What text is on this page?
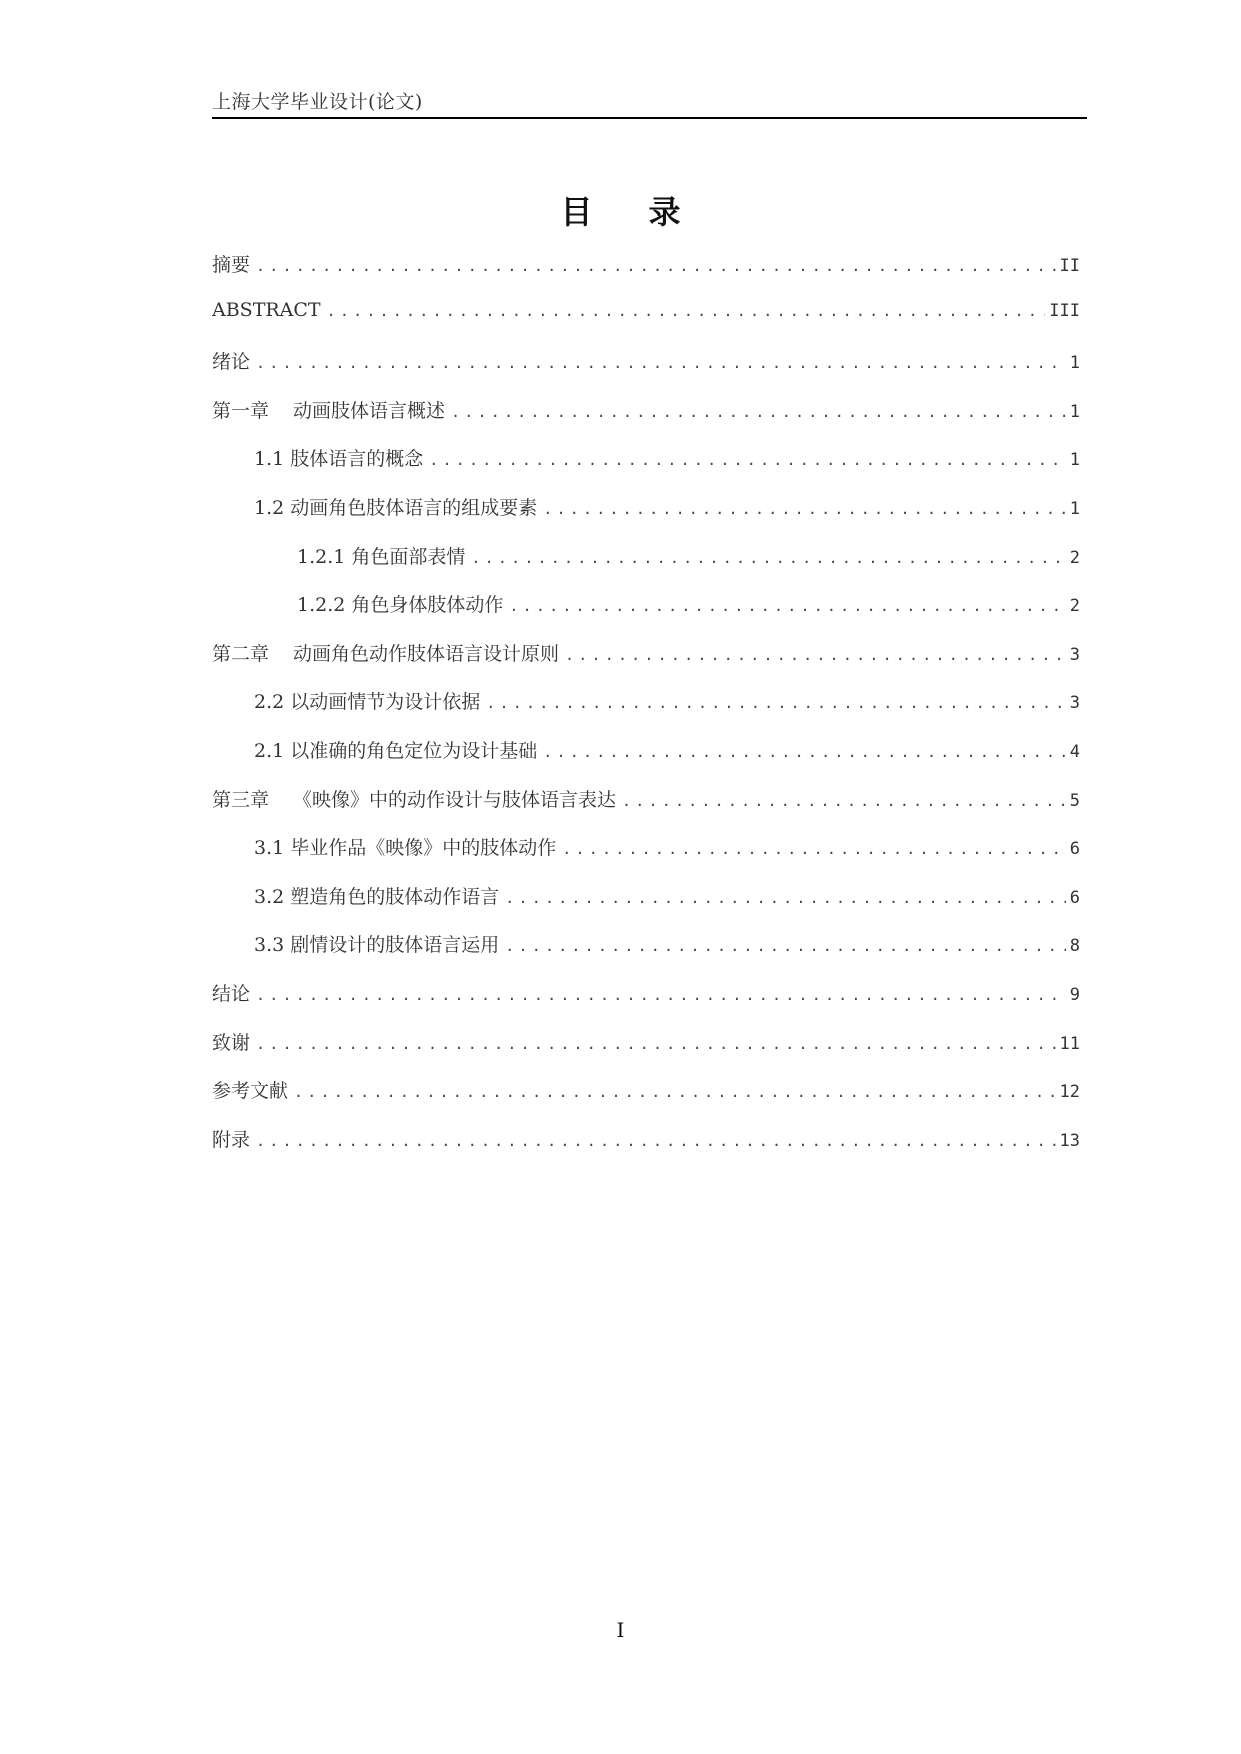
上海大学毕业设计(论文)
目录
摘要 .....	II
ABSTRACT .....	III
绪论 .....	1
第一章 动画肢体语言概述 .....	1
1.1 肢体语言的概念 .....	1
1.2 动画角色肢体语言的组成要素 .....	1
1.2.1 角色面部表情 .....	2
1.2.2 角色身体肢体动作 .....	2
第二章 动画角色动作肢体语言设计原则 .....	3
2.2 以动画情节为设计依据 .....	3
2.1 以准确的角色定位为设计基础 .....	4
第三章 《映像》中的动作设计与肢体语言表达 .....	5
3.1 毕业作品《映像》中的肢体动作 .....	6
3.2 塑造角色的肢体动作语言 .....	6
3.3 剧情设计的肢体语言运用 .....	8
结论 .....	9
致谢 .....	11
参考文献 .....	12
附录 .....	13
I
